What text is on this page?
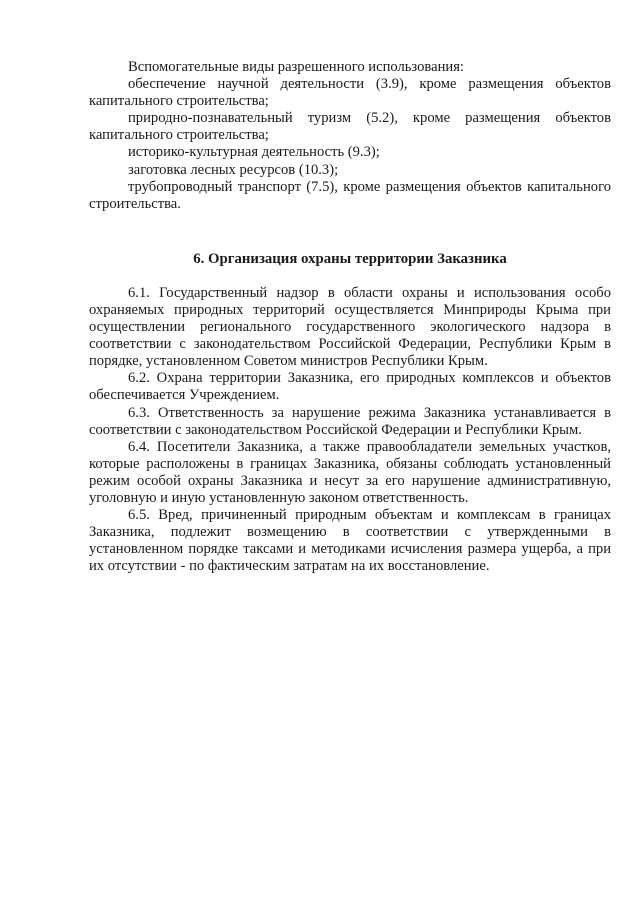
Вспомогательные виды разрешенного использования:

обеспечение научной деятельности (3.9), кроме размещения объектов капитального строительства;

природно-познавательный туризм (5.2), кроме размещения объектов капитального строительства;

историко-культурная деятельность (9.3);

заготовка лесных ресурсов (10.3);

трубопроводный транспорт (7.5), кроме размещения объектов капитального строительства.

6. Организация охраны территории Заказника

6.1. Государственный надзор в области охраны и использования особо охраняемых природных территорий осуществляется Минприроды Крыма при осуществлении регионального государственного экологического надзора в соответствии с законодательством Российской Федерации, Республики Крым в порядке, установленном Советом министров Республики Крым.

6.2. Охрана территории Заказника, его природных комплексов и объектов обеспечивается Учреждением.

6.3. Ответственность за нарушение режима Заказника устанавливается в соответствии с законодательством Российской Федерации и Республики Крым.

6.4. Посетители Заказника, а также правообладатели земельных участков, которые расположены в границах Заказника, обязаны соблюдать установленный режим особой охраны Заказника и несут за его нарушение административную, уголовную и иную установленную законом ответственность.

6.5. Вред, причиненный природным объектам и комплексам в границах Заказника, подлежит возмещению в соответствии с утвержденными в установленном порядке таксами и методиками исчисления размера ущерба, а при их отсутствии - по фактическим затратам на их восстановление.
